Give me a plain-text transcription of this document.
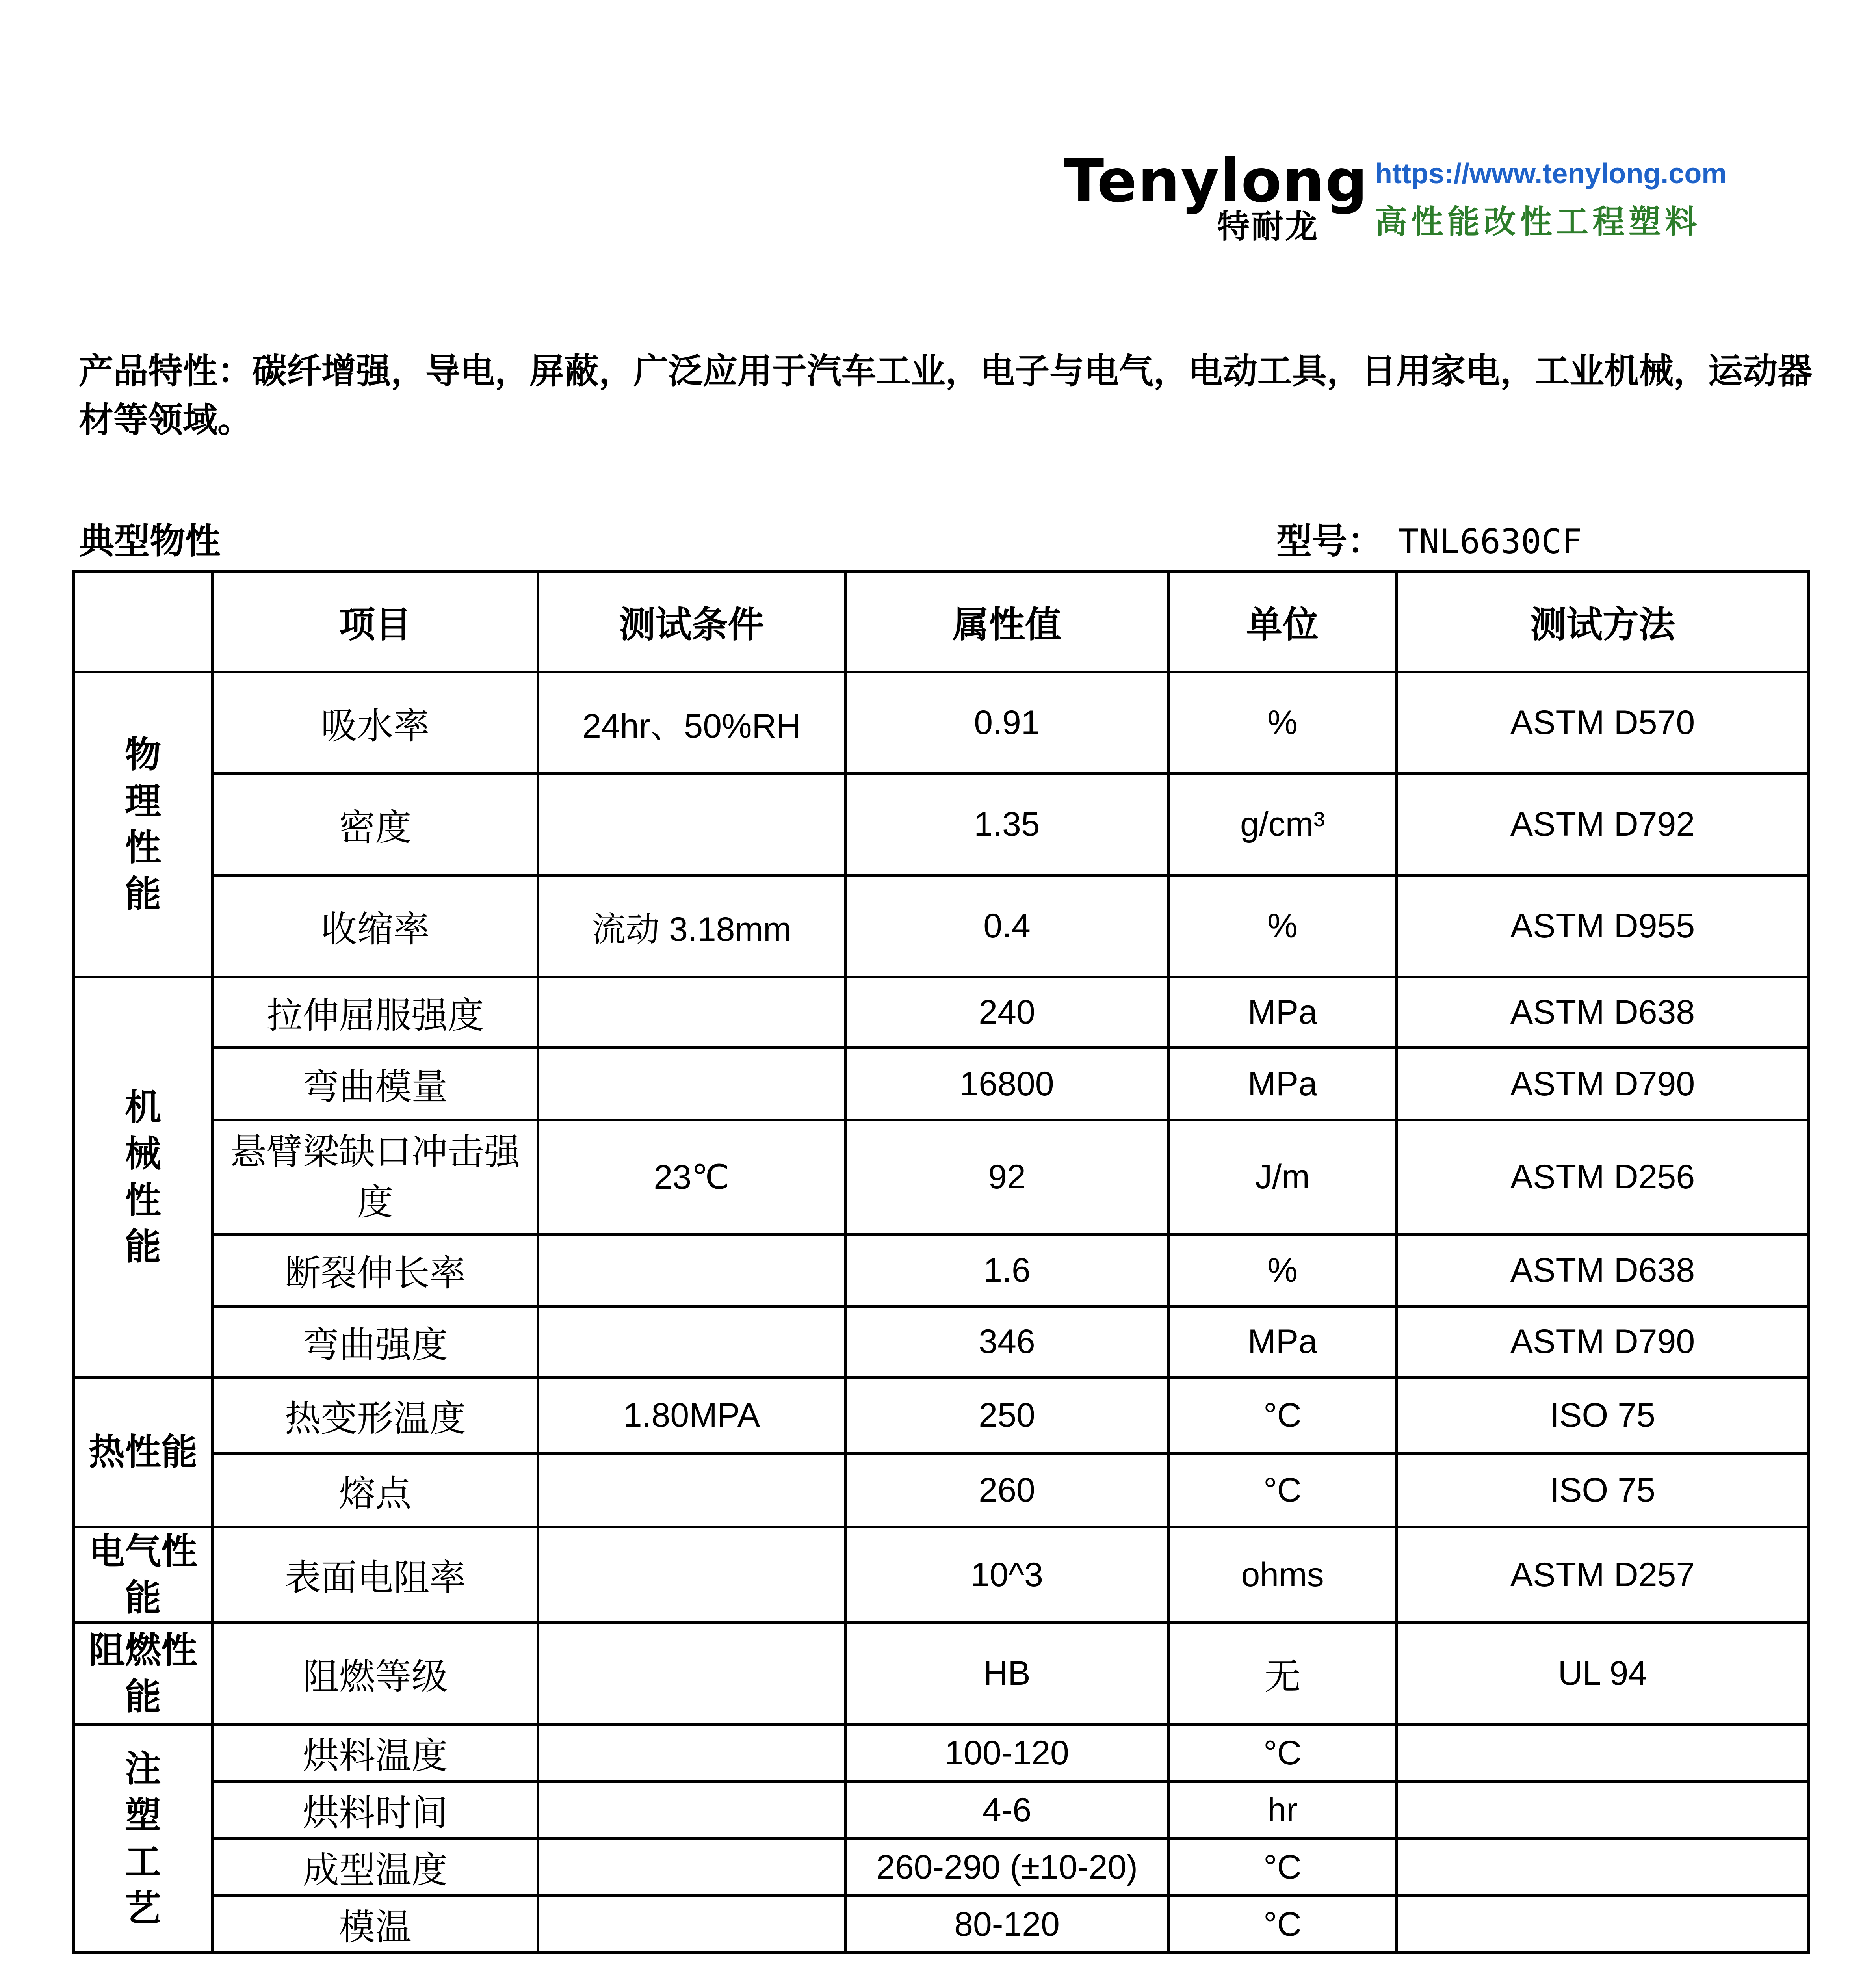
Tenylong
特耐龙
https://www.tenylong.com
高性能改性工程塑料
产品特性：碳纤增强，导电，屏蔽，广泛应用于汽车工业，电子与电气，电动工具，日用家电，工业机械，运动器材等领域。
典型物性	型号： TNL6630CF
	项目	测试条件	属性值	单位	测试方法

物
理
性
能	吸水率	24hr、50%RH	0.91	%	ASTM D570
	密度		1.35	g/cm³	ASTM D792
	收缩率	流动 3.18mm	0.4	%	ASTM D955

机
械
性
能	拉伸屈服强度		240	MPa	ASTM D638
	弯曲模量		16800	MPa	ASTM D790
	悬臂梁缺口冲击强度	23℃	92	J/m	ASTM D256
	断裂伸长率		1.6	%	ASTM D638
	弯曲强度		346	MPa	ASTM D790
热性能	热变形温度	1.80MPA	250	°C	ISO 75
	熔点		260	°C	ISO 75
电气性能	表面电阻率		10^3	ohms	ASTM D257
阻燃性能	阻燃等级		HB	无	UL 94

注
塑
工
艺	烘料温度		100-120	°C	
	烘料时间		4-6	hr	
	成型温度		260-290 (±10-20)	°C	
	模温		80-120	°C	
